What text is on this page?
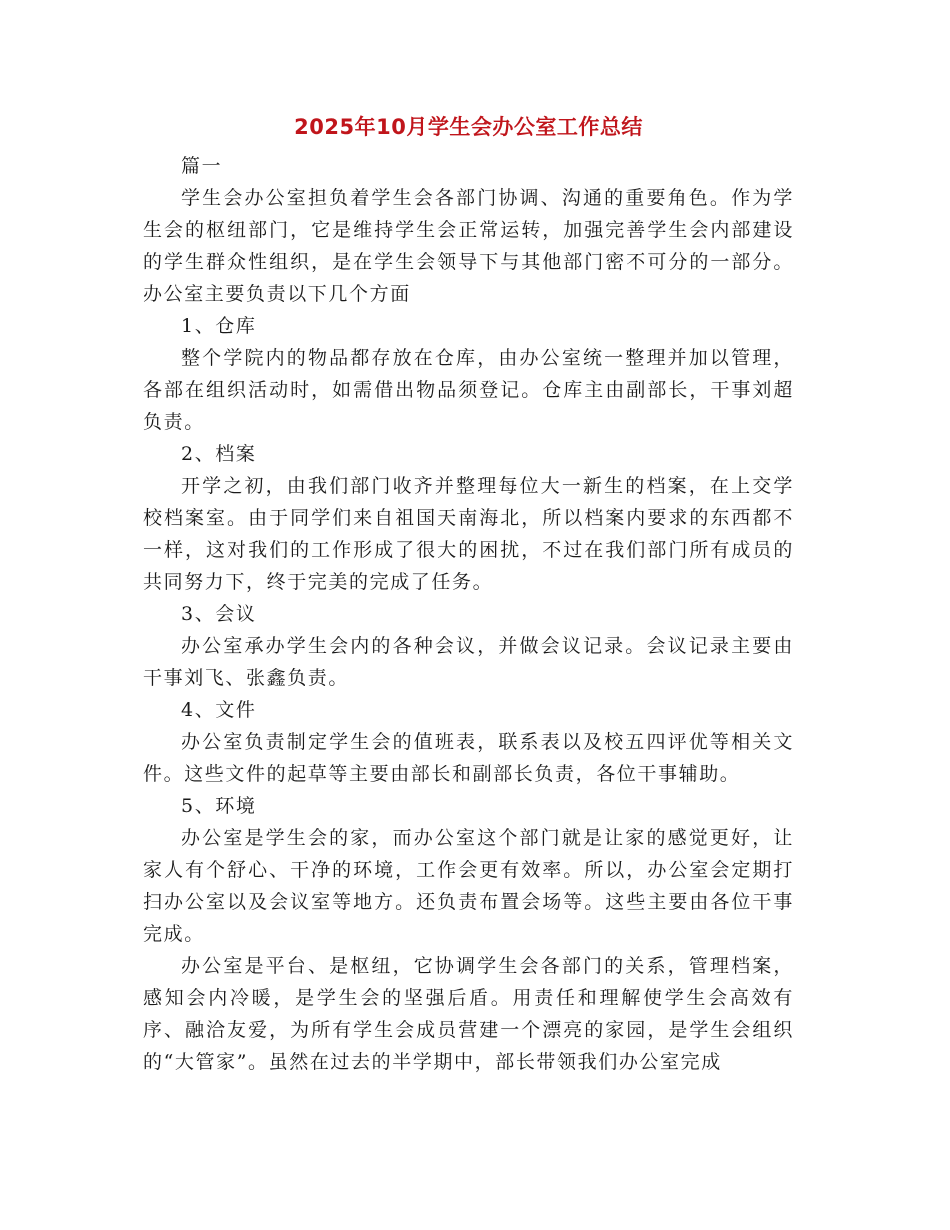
2025年10月学生会办公室工作总结

篇一

学生会办公室担负着学生会各部门协调、沟通的重要角色。作为学生会的枢纽部门，它是维持学生会正常运转，加强完善学生会内部建设的学生群众性组织，是在学生会领导下与其他部门密不可分的一部分。办公室主要负责以下几个方面

1、仓库

整个学院内的物品都存放在仓库，由办公室统一整理并加以管理，各部在组织活动时，如需借出物品须登记。仓库主由副部长，干事刘超负责。

2、档案

开学之初，由我们部门收齐并整理每位大一新生的档案，在上交学校档案室。由于同学们来自祖国天南海北，所以档案内要求的东西都不一样，这对我们的工作形成了很大的困扰，不过在我们部门所有成员的共同努力下，终于完美的完成了任务。

3、会议

办公室承办学生会内的各种会议，并做会议记录。会议记录主要由干事刘飞、张鑫负责。

4、文件

办公室负责制定学生会的值班表，联系表以及校五四评优等相关文件。这些文件的起草等主要由部长和副部长负责，各位干事辅助。

5、环境

办公室是学生会的家，而办公室这个部门就是让家的感觉更好，让家人有个舒心、干净的环境，工作会更有效率。所以，办公室会定期打扫办公室以及会议室等地方。还负责布置会场等。这些主要由各位干事完成。

办公室是平台、是枢纽，它协调学生会各部门的关系，管理档案，感知会内冷暖，是学生会的坚强后盾。用责任和理解使学生会高效有序、融洽友爱，为所有学生会成员营建一个漂亮的家园，是学生会组织的“大管家”。虽然在过去的半学期中，部长带领我们办公室完成
